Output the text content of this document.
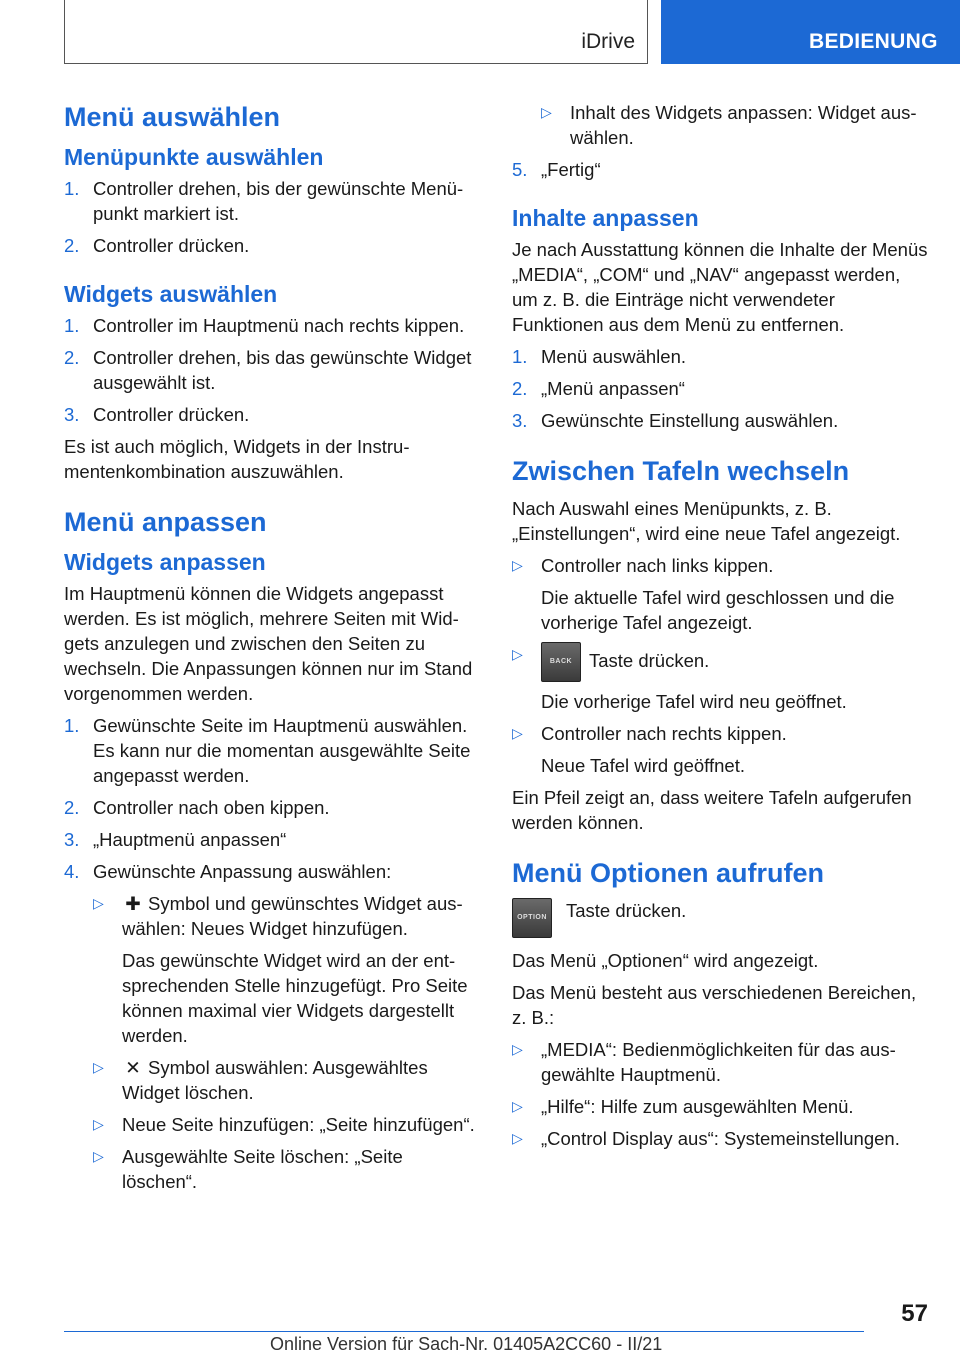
iDrive	BEDIENUNG
Menü auswählen
Menüpunkte auswählen
1. Controller drehen, bis der gewünschte Menüpunkt markiert ist.
2. Controller drücken.
Widgets auswählen
1. Controller im Hauptmenü nach rechts kippen.
2. Controller drehen, bis das gewünschte Widget ausgewählt ist.
3. Controller drücken.

Es ist auch möglich, Widgets in der Instrumentenkombination auszuwählen.

Menü anpassen
Widgets anpassen

Im Hauptmenü können die Widgets angepasst werden. Es ist möglich, mehrere Seiten mit Widgets anzulegen und zwischen den Seiten zu wechseln. Die Anpassungen können nur im Stand vorgenommen werden.

1. Gewünschte Seite im Hauptmenü auswählen.
Es kann nur die momentan ausgewählte Seite angepasst werden.
2. Controller nach oben kippen.
3. „Hauptmenü anpassen“
4. Gewünschte Anpassung auswählen:
▷	✚ Symbol und gewünschtes Widget auswählen: Neues Widget hinzufügen.
Das gewünschte Widget wird an der entsprechenden Stelle hinzugefügt. Pro Seite können maximal vier Widgets dargestellt werden.
▷	✕ Symbol auswählen: Ausgewähltes Widget löschen.
▷ Neue Seite hinzufügen: „Seite hinzufügen“.
▷ Ausgewählte Seite löschen: „Seite löschen“.
▷ Inhalt des Widgets anpassen: Widget auswählen.
5. „Fertig“
Inhalte anpassen

Je nach Ausstattung können die Inhalte der Menüs „MEDIA“, „COM“ und „NAV“ angepasst werden, um z. B. die Einträge nicht verwendeter Funktionen aus dem Menü zu entfernen.

1. Menü auswählen.
2. „Menü anpassen“
3. Gewünschte Einstellung auswählen.
Zwischen Tafeln wechseln

Nach Auswahl eines Menüpunkts, z. B. „Einstellungen“, wird eine neue Tafel angezeigt.

▷ Controller nach links kippen.
Die aktuelle Tafel wird geschlossen und die vorherige Tafel angezeigt.
▷	BACK Taste drücken.
Die vorherige Tafel wird neu geöffnet.
▷ Controller nach rechts kippen.
Neue Tafel wird geöffnet.

Ein Pfeil zeigt an, dass weitere Tafeln aufgerufen werden können.

Menü Optionen aufrufen
OPTION Taste drücken.

Das Menü „Optionen“ wird angezeigt.

Das Menü besteht aus verschiedenen Bereichen, z. B.:

▷ „MEDIA“: Bedienmöglichkeiten für das ausgewählte Hauptmenü.
▷ „Hilfe“: Hilfe zum ausgewählten Menü.
▷ „Control Display aus“: Systemeinstellungen.
57
Online Version für Sach-Nr. 01405A2CC60 - II/21
